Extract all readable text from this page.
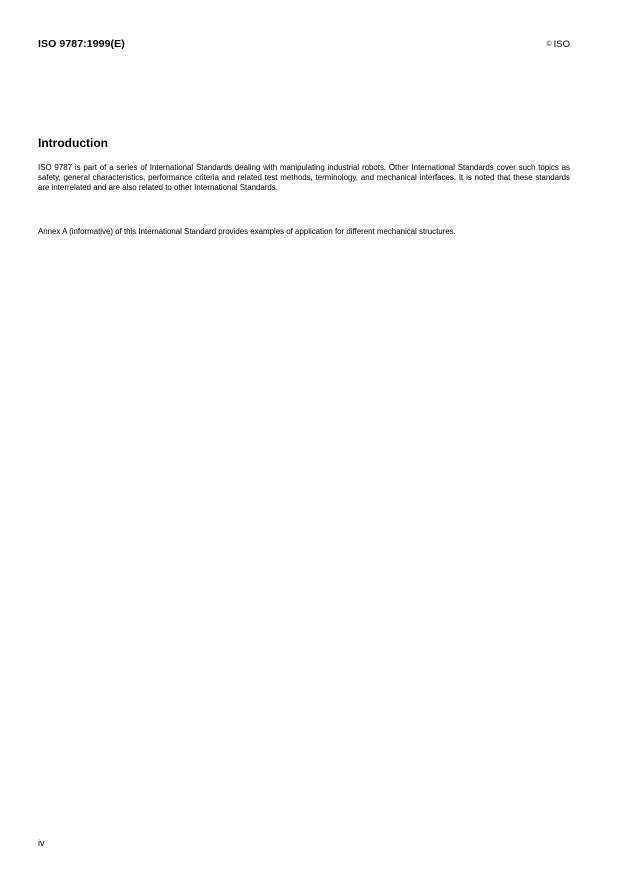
ISO 9787:1999(E)	© ISO
Introduction

ISO 9787 is part of a series of International Standards dealing with manipulating industrial robots. Other International Standards cover such topics as safety, general characteristics, performance criteria and related test methods, terminology, and mechanical interfaces. It is noted that these standards are interrelated and are also related to other International Standards.

Annex A (informative) of this International Standard provides examples of application for different mechanical structures.

iv
